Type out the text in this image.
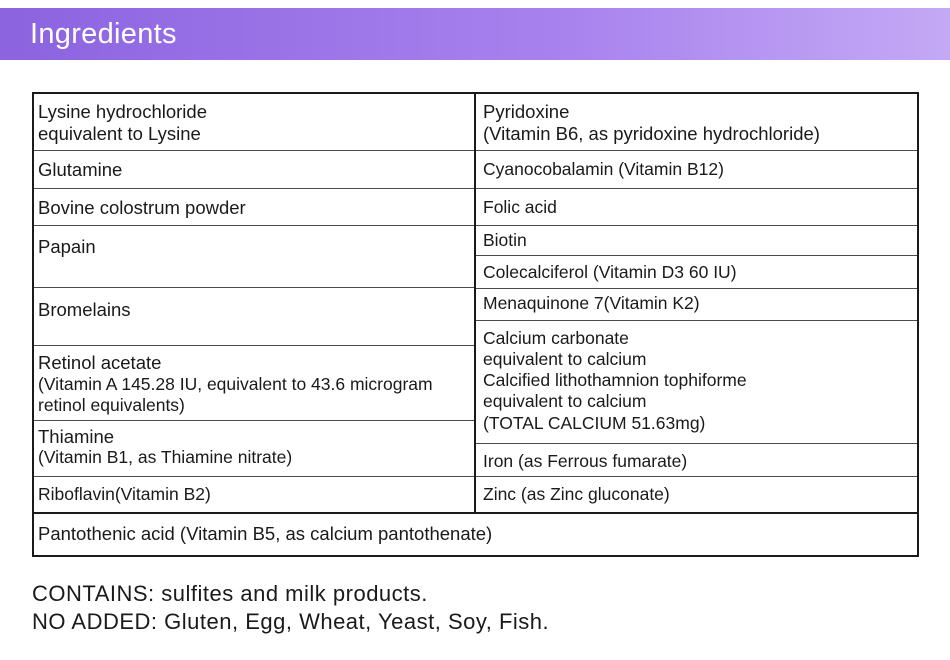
Ingredients
Lysine hydrochloride
equivalent to Lysine
Glutamine
Bovine colostrum powder
Papain
Bromelains
Retinol acetate
(Vitamin A 145.28 IU, equivalent to 43.6 microgram
retinol equivalents)
Thiamine
(Vitamin B1, as Thiamine nitrate)
Riboflavin(Vitamin B2)
Pyridoxine
(Vitamin B6, as pyridoxine hydrochloride)
Cyanocobalamin (Vitamin B12)
Folic acid
Biotin
Colecalciferol (Vitamin D3 60 IU)
Menaquinone 7(Vitamin K2)
Calcium carbonate
equivalent to calcium
Calcified lithothamnion tophiforme
equivalent to calcium
(TOTAL CALCIUM 51.63mg)
Iron (as Ferrous fumarate)
Zinc (as Zinc gluconate)
Pantothenic acid (Vitamin B5, as calcium pantothenate)
CONTAINS: sulfites and milk products.
NO ADDED: Gluten, Egg, Wheat, Yeast, Soy, Fish.
